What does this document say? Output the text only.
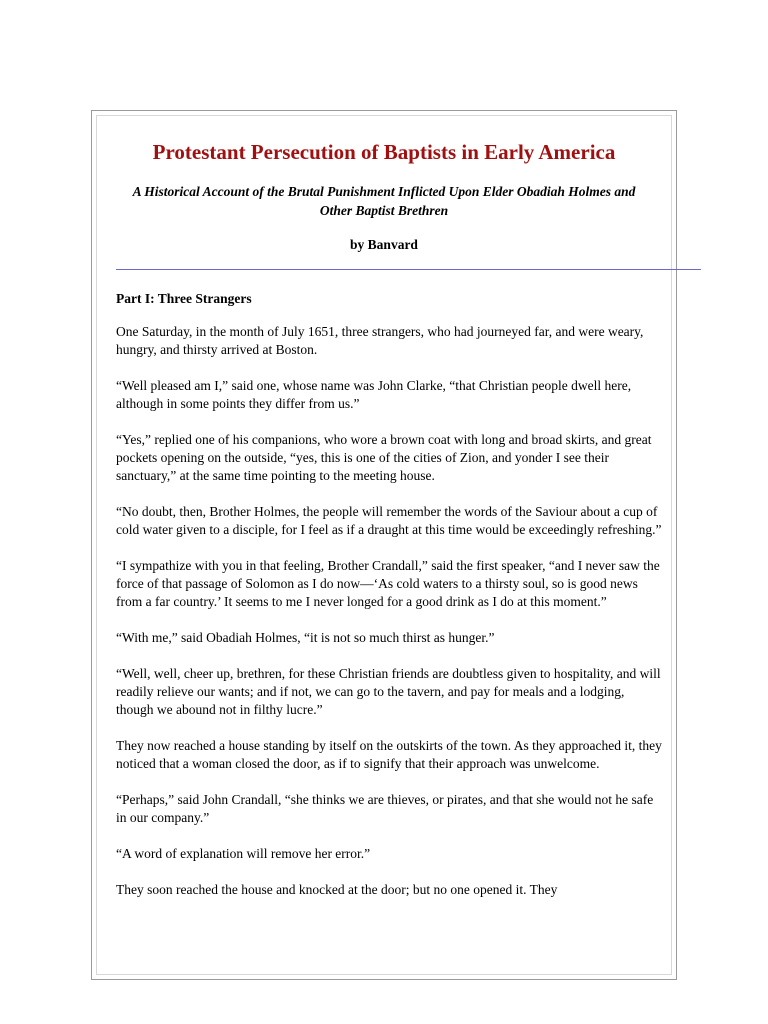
Protestant Persecution of Baptists in Early America

A Historical Account of the Brutal Punishment Inflicted Upon Elder Obadiah Holmes and Other Baptist Brethren

by Banvard

Part I: Three Strangers

One Saturday, in the month of July 1651, three strangers, who had journeyed far, and were weary, hungry, and thirsty arrived at Boston.

“Well pleased am I,” said one, whose name was John Clarke, “that Christian people dwell here, although in some points they differ from us.”

“Yes,” replied one of his companions, who wore a brown coat with long and broad skirts, and great pockets opening on the outside, “yes, this is one of the cities of Zion, and yonder I see their sanctuary,” at the same time pointing to the meeting house.

“No doubt, then, Brother Holmes, the people will remember the words of the Saviour about a cup of cold water given to a disciple, for I feel as if a draught at this time would be exceedingly refreshing.”

“I sympathize with you in that feeling, Brother Crandall,” said the first speaker, “and I never saw the force of that passage of Solomon as I do now—‘As cold waters to a thirsty soul, so is good news from a far country.’ It seems to me I never longed for a good drink as I do at this moment.”

“With me,” said Obadiah Holmes, “it is not so much thirst as hunger.”

“Well, well, cheer up, brethren, for these Christian friends are doubtless given to hospitality, and will readily relieve our wants; and if not, we can go to the tavern, and pay for meals and a lodging, though we abound not in filthy lucre.”

They now reached a house standing by itself on the outskirts of the town. As they approached it, they noticed that a woman closed the door, as if to signify that their approach was unwelcome.

“Perhaps,” said John Crandall, “she thinks we are thieves, or pirates, and that she would not he safe in our company.”

“A word of explanation will remove her error.”

They soon reached the house and knocked at the door; but no one opened it. They
